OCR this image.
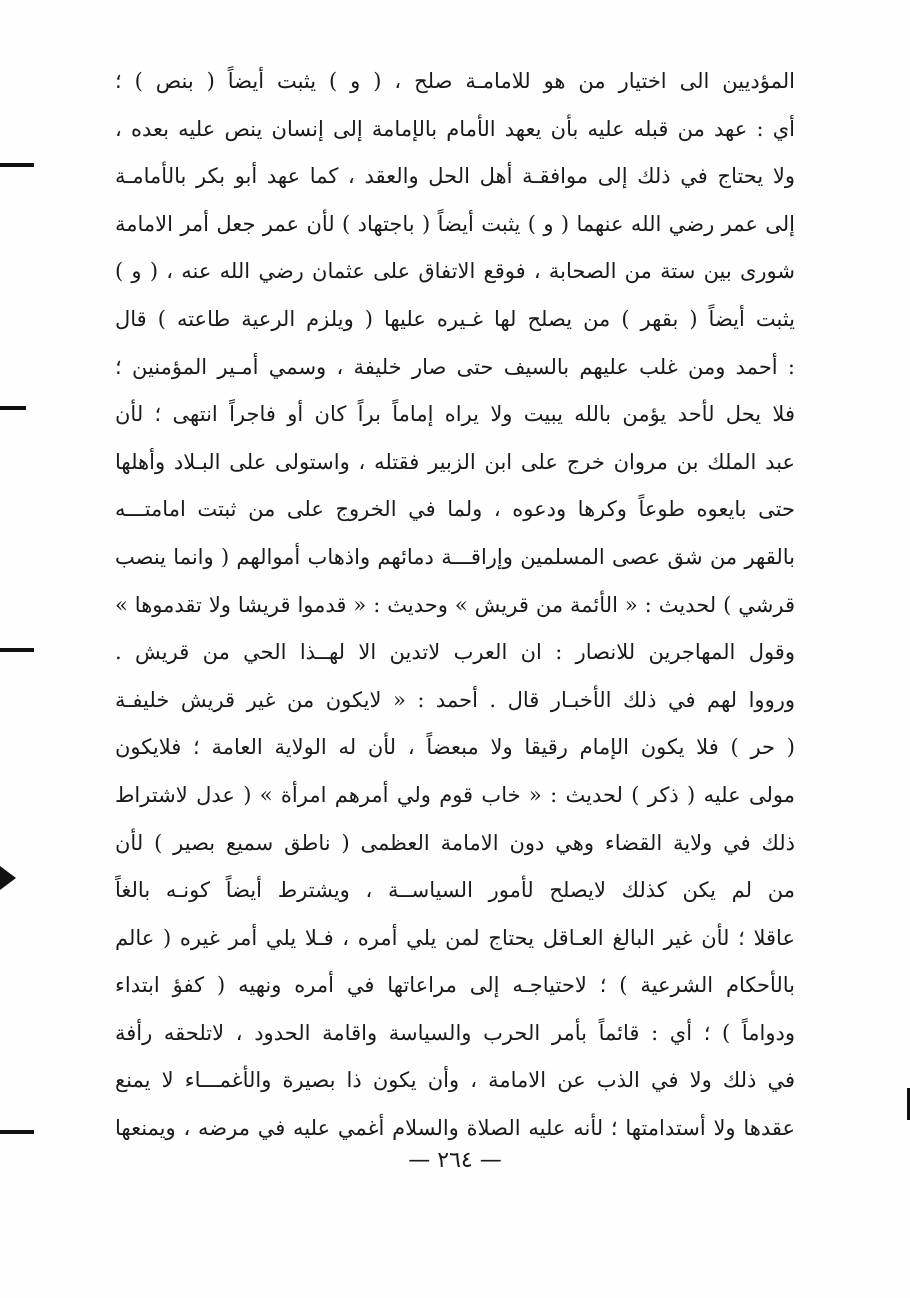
المؤديين الى اختيار من هو للامامـة صلح ، ( و ) يثبت أيضاً ( بنص ) ؛
أي : عهد من قبله عليه بأن يعهد الأمام بالإمامة إلى إنسان ينص عليه بعده ،
ولا يحتاج في ذلك إلى موافقـة أهل الحل والعقد ، كما عهد أبو بكر بالأمامـة
إلى عمر رضي الله عنهما ( و ) يثبت أيضاً ( باجتهاد ) لأن عمر جعل أمر الامامة
شورى بين ستة من الصحابة ، فوقع الاتفاق على عثمان رضي الله عنه ، ( و )
يثبت أيضاً ( بقهر ) من يصلح لها غـيره عليها ( ويلزم الرعية طاعته ) قال
: أحمد ومن غلب عليهم بالسيف حتى صار خليفة ، وسمي أمـير المؤمنين ؛
فلا يحل لأحد يؤمن بالله يبيت ولا يراه إماماً براً كان أو فاجراً انتهى ؛ لأن
عبد الملك بن مروان خرج على ابن الزبير فقتله ، واستولى على البـلاد وأهلها
حتى بايعوه طوعاً وكرها ودعوه ، ولما في الخروج على من ثبتت امامتـــه
بالقهر من شق عصى المسلمين وإراقـــة دمائهم واذهاب أموالهم ( وانما ينصب
قرشي ) لحديث : « الأئمة من قريش » وحديث : « قدموا قريشا ولا تقدموها »
وقول المهاجرين للانصار : ان العرب لاتدين الا لهــذا الحي من قريش .
ورووا لهم في ذلك الأخبـار قال . أحمد : « لايكون من غير قريش خليفـة
( حر ) فلا يكون الإمام رقيقا ولا مبعضاً ، لأن له الولاية العامة ؛ فلايكون
مولى عليه ( ذكر ) لحديث : « خاب قوم ولي أمرهم امرأة » ( عدل لاشتراط
ذلك في ولاية القضاء وهي دون الامامة العظمى ( ناطق سميع بصير ) لأن
من لم يكن كذلك لايصلح لأمور السياســة ، ويشترط أيضاً كونـه بالغاً
عاقلا ؛ لأن غير البالغ العـاقل يحتاج لمن يلي أمره ، فـلا يلي أمر غيره ( عالم
بالأحكام الشرعية ) ؛ لاحتياجـه إلى مراعاتها في أمره ونهيه ( كفؤ ابتداء
ودواماً ) ؛ أي : قائماً بأمر الحرب والسياسة واقامة الحدود ، لاتلحقه رأفة
في ذلك ولا في الذب عن الامامة ، وأن يكون ذا بصيرة والأغمـــاء لا يمنع
عقدها ولا أستدامتها ؛ لأنه عليه الصلاة والسلام أغمي عليه في مرضه ، ويمنعها
— ٢٦٤ —
